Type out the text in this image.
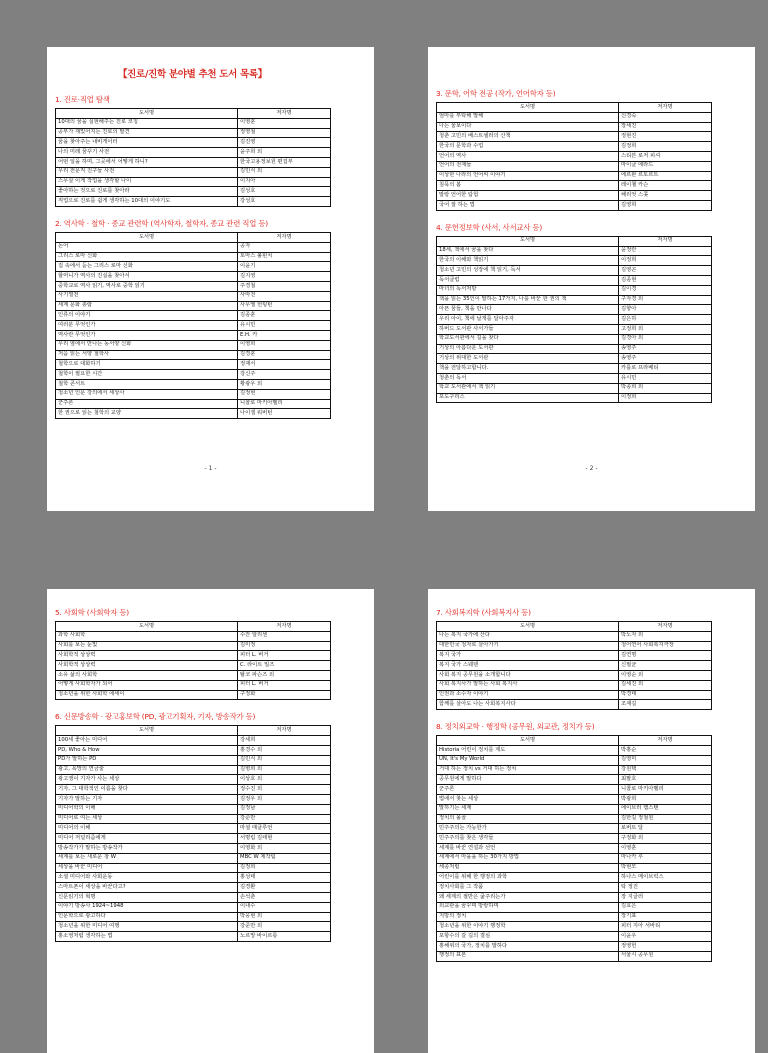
【진로/진학 분야별 추천 도서 목록】
1. 진로·직업 탐색
도서명	저자명
10대의 꿈을 실현해주는 진로 코칭	이영훈
공부가 재밌어지는 진로의 발견	정영철
꿈을 찾아주는 내비게이터	김진영
나의 미래 꿈꾸기 사전	윤주희 외
어떤 일을 하며, 그곳에서 어떻게 하니?	한국고용정보원 편집부
우리 전문직 친구들 사전	김민식 외
스무살 이게 작업을 생각할 나이	이지아
좋아하는 것으로 진로를 찾아라	김성호
직업으로 진로를 쉽게 생각하는 10대의 이야기도	강성호
2. 역사학 · 철학 · 종교 관련학 (역사학자, 철학자, 종교 관련 직업 등)
도서명	저자명
논어	공자
그리스 로마 신화	토마스 불핀치
집 속에서 듣는 그리스 로마 신화	이윤기
할머니가 역사의 진실을 찾아서	김지영
중학교로 역사 읽기, 역사로 중학 읽기	주경철
사기열전	사마천
세계 문화 총람	사무엘 헌팅턴
인류의 이야기	김종훈
여러분 무엇인가	유시민
역사란 무엇인가	E.H. 카
우리 옆에서 만나는 동서양 신화	이영희
처음 읽는 서양 철학사	김경훈
철학으로 대화하기	정재서
철학이 필요한 시간	강신주
철학 콘서트	황광우 외
청소년 인문 강의에서 세상사	김정현
군주론	니콜로 마키아벨리
한 권으로 읽는 철학의 교양	나이겔 워버턴
- 1 -
3. 문학, 어학 전공 (작가, 언어학자 등)
도서명	저자명
엄마를 부탁해 말해	신경숙
나는 울보이다	장세진
청춘 고민의 베스트셀러의 산책	정현진
한국의 문학과 수업	김정희
언어의 역사	스티븐 로저 피셔
언어의 천재들	마이클 에라드
이상한 나라의 언어씨 이야기	에르완 르토르트
침묵의 봄	레이첼 카슨
말랑 언어한 탐험	해리엇 스콧
국어 잘 하는 법	김영희
4. 문헌정보학 (사서, 사서교사 등)
도서명	저자명
18세, 책에서 꿈을 찾다	윤정란
한국의 이해와 책읽기	이정희
청소년 고민의 성장에 책 읽기, 독서	김영곤
독서클럽	김종현
마녀의 독서처방	김이경
책을 읽는 35인이 말하는 17가지, 나를 바꾼 한 권의 책	구자경 외
아픈 꿈들, 책을 만나다	김향아
우리 아이, 책에 날개를 달아주자	김은하
하버드 도서관 사서가들	고정희 외
학교도서관에서 길을 찾다	김경아 외
기상의 아름다운 도서관	송영주
기상의 위대한 도서관	송영주
책을 전달하고합니다.	카를로 프라베티
청춘의 독서	유시민
학교 도서관에서 책 읽기	박종희 외
포도구리스	이정희
- 2 -
5. 사회학 (사회학자 등)
도서명	저자명
과학 사회학	수잔 알리센
사회를 보는 눈빛	김미정
사회학적 상상력	피터 L. 버거
사회학적 상상력	C. 라이트 밀즈
소유 삶의 사회학	탈코 파슨즈 외
어떻게 사회학자가 되어	피터 L. 버거
청소년을 위한 사회학 에세이	구정화
6. 신문방송학 · 광고홍보학 (PD, 광고기획자, 기자, 방송작가 등)
도서명	저자명
100세 좋아는 미디어	강세희
PD, Who & How	홍경수 외
PD가 말하는 PD	김민식 외
광고, 욕망의 연금술	김병희 외
광고쟁이 기자가 사는 세상	이상호 외
기자, 그 대학적인 이름을 찾다	정수진 외
기자가 말하는 기자	김정우 외
미디어학의 이해	김정남
미디어로 여는 세상	강준만
미디어의 이해	마셜 매클루언
미디어 저널리즘에게	서명림 김태현
방송작가가 말하는 방송작가	이영화 외
세계를 보는 새로운 창 W	MBC W 제작팀
세상을 바꾼 미디어	김정희
소셜 미디어와 사회운동	홍성태
스마트폰이 세상을 바꾼다고?	김경환
신문읽기의 혁명	손석춘
이야기 방송사 1924~1948	이내수
인문학으로 광고하다	박웅현 외
청소년을 위한 미디어 여행	강준만 외
홍소영처럼 생각하는 법	노르망 바이르롱
7. 사회복지학 (사회복지사 등)
도서명	저자명
나는 복지 국가에 산다	박노자 외
대한민국 청자로 살아가기	청어연어 사회복지극장
복지 국가	김연명
복지 국가 스웨덴	신필균
사회 복지 공무원을 소개합니다	이영순 외
사회 복지사가 말하는 사회 복지사	김세진 외
인권과 소수자 이야기	박경태
함께를 살아도 나는 사회복지사다	조재길
8. 정치외교학 · 행정학 (공무원, 외교관, 정치가 등)
도서명	저자명
Historia 어린이 정치를 제도	박홍순
UN, It's My World	김영미
거대 하는 정치 vs 거대 하는 정치	강원택
공무원에게 말하다	최팔호
군주론	니콜로 마키아벨리
법에서 찾는 세상	박광희
말하기는 세계	에이브러 햄스탠
정치의 몰골	김한길 정철원
민주주의는 가능한가	로버트 달
민주주의를 찾은 생각들	구정화 외
세계를 바꾼 연설과 선언	이영훈
세계에서 마을을 하는 30가지 방법	마나카 루
세종처럼	박현모
어린이를 위해 한 행정의 과학	하나스 메이브릭스
정치사회를 그 작품	탁 정진
왜 세계의 절반은 굶주리는가	장 지글러
외교관을 꿈꾸며 방랑하며	김효은
지방의 정치	장기표
청소년을 위한 이야기 행정학	피터 지아 서바티
포항수의 갈 길의 결심	이윤우
홍해위의 국가, 정치를 말하다	정영헌
행정의 표본	서울시 공무원
